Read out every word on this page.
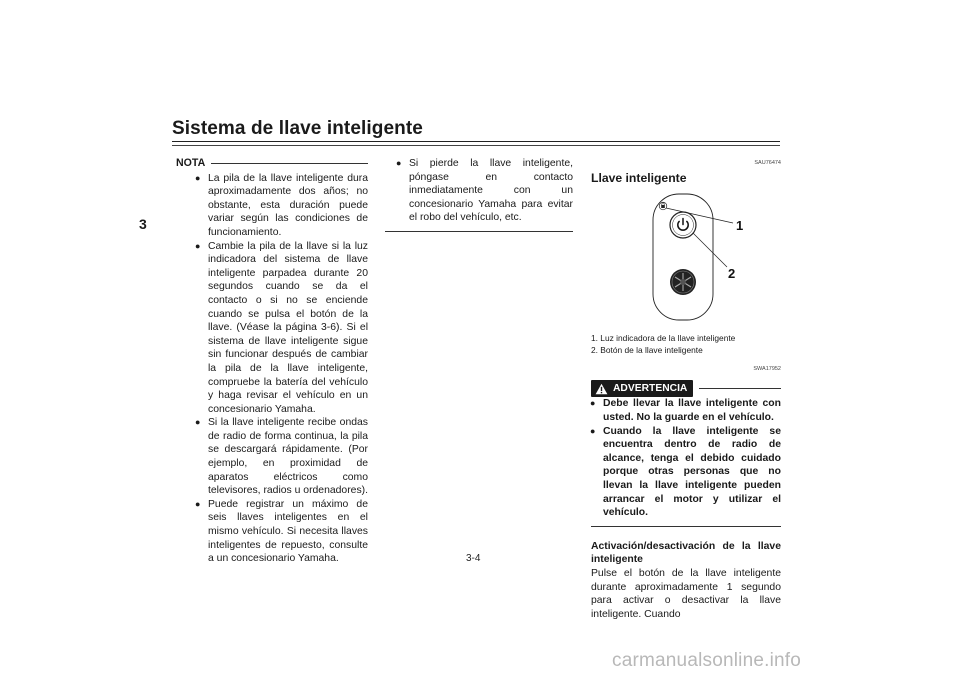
Sistema de llave inteligente
3
NOTA
● La pila de la llave inteligente dura aproximadamente dos años; no obstante, esta duración puede variar según las condiciones de funcionamiento.
● Cambie la pila de la llave si la luz indicadora del sistema de llave inteligente parpadea durante 20 segundos cuando se da el contacto o si no se enciende cuando se pulsa el botón de la llave. (Véase la página 3-6). Si el sistema de llave inteligente sigue sin funcionar después de cambiar la pila de la llave inteligente, compruebe la batería del vehículo y haga revisar el vehículo en un concesionario Yamaha.
● Si la llave inteligente recibe ondas de radio de forma continua, la pila se descargará rápidamente. (Por ejemplo, en proximidad de aparatos eléctricos como televisores, radios u ordenadores).
● Puede registrar un máximo de seis llaves inteligentes en el mismo vehículo. Si necesita llaves inteligentes de repuesto, consulte a un concesionario Yamaha.
● Si pierde la llave inteligente, póngase en contacto inmediatamente con un concesionario Yamaha para evitar el robo del vehículo, etc.
SAU76474
Llave inteligente
1
2
1. Luz indicadora de la llave inteligente
2. Botón de la llave inteligente
SWA17952
ADVERTENCIA
● Debe llevar la llave inteligente con usted. No la guarde en el vehículo.
● Cuando la llave inteligente se encuentra dentro de radio de alcance, tenga el debido cuidado porque otras personas que no llevan la llave inteligente pueden arrancar el motor y utilizar el vehículo.
Activación/desactivación de la llave inteligente
Pulse el botón de la llave inteligente durante aproximadamente 1 segundo para activar o desactivar la llave inteligente. Cuando
3-4
carmanualsonline.info
